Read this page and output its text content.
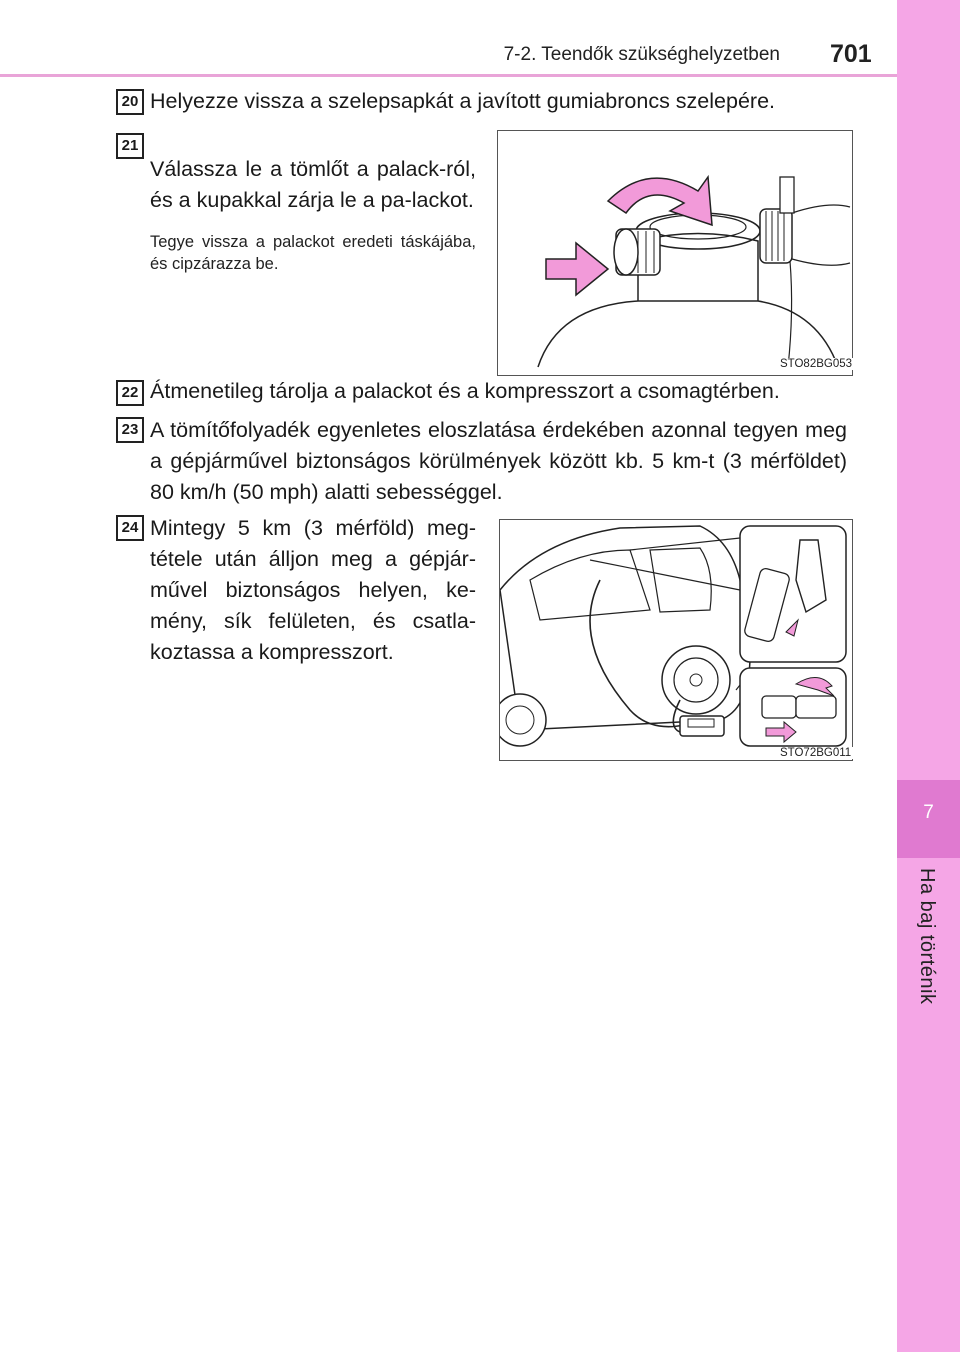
7-2. Teendők szükséghelyzetben 701
7
Ha baj történik
20 Helyezze vissza a szelepsapkát a javított gumiabroncs szelepére.
21
Válassza le a tömlőt a palack-ról, és a kupakkal zárja le a pa-lackot.
Tegye vissza a palackot eredeti táskájába, és cipzárazza be.
STO82BG053
22 Átmenetileg tárolja a palackot és a kompresszort a csomagtérben.
23 A tömítőfolyadék egyenletes eloszlatása érdekében azonnal tegyen meg a gépjárművel biztonságos körülmények között kb. 5 km-t (3 mérföldet) 80 km/h (50 mph) alatti sebességgel.
24 Mintegy 5 km (3 mérföld) meg-tétele után álljon meg a gépjár-művel biztonságos helyen, ke-mény, sík felületen, és csatla-koztassa a kompresszort.
STO72BG011
